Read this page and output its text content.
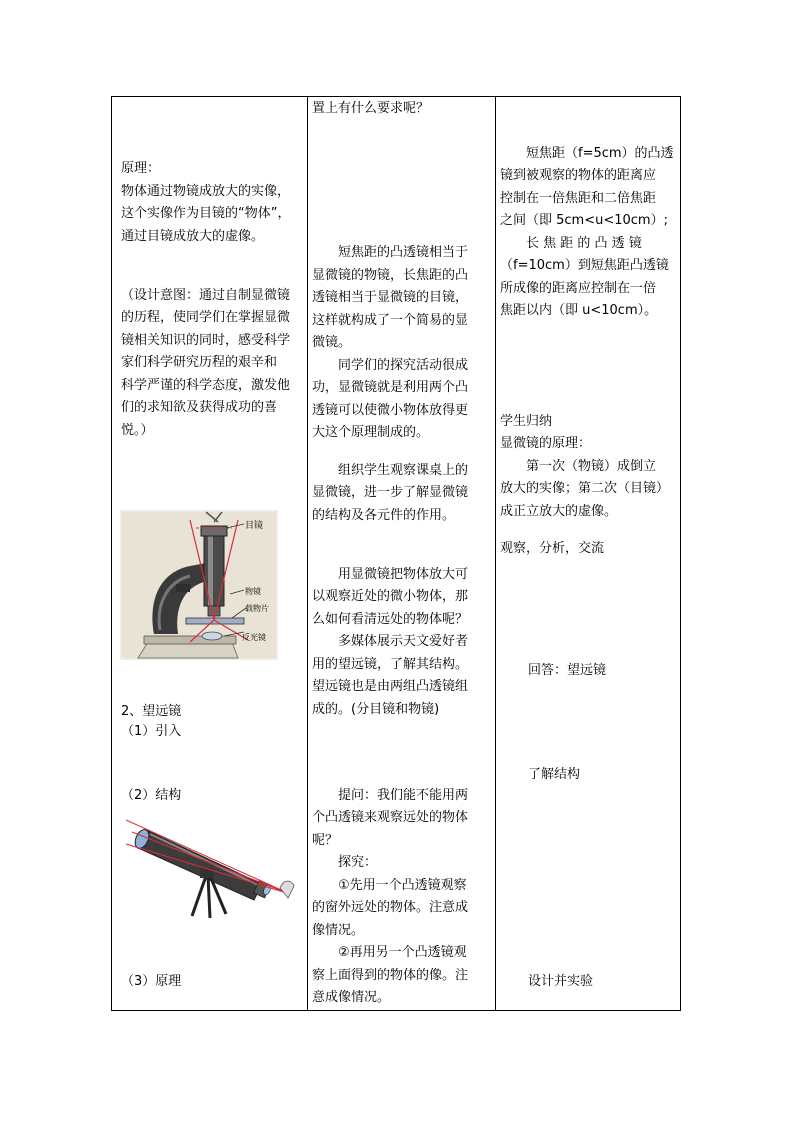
原理：
物体通过物镜成放大的实像，
这个实像作为目镜的“物体”，
通过目镜成放大的虚像。
（设计意图：通过自制显微镜
的历程，使同学们在掌握显微
镜相关知识的同时，感受科学
家们科学研究历程的艰辛和
科学严谨的科学态度，激发他
们的求知欲及获得成功的喜
悦。）
目镜
物镜
载物片
反光镜
2、望远镜
（1）引入
（2）结构
（3）原理
置上有什么要求呢？
短焦距的凸透镜相当于
显微镜的物镜，长焦距的凸
透镜相当于显微镜的目镜，
这样就构成了一个简易的显
微镜。
同学们的探究活动很成
功，显微镜就是利用两个凸
透镜可以使微小物体放得更
大这个原理制成的。
组织学生观察课桌上的
显微镜，进一步了解显微镜
的结构及各元件的作用。
用显微镜把物体放大可
以观察近处的微小物体，那
么如何看清远处的物体呢？
多媒体展示天文爱好者
用的望远镜，了解其结构。
望远镜也是由两组凸透镜组
成的。(分目镜和物镜)
提问：我们能不能用两
个凸透镜来观察远处的物体
呢？
探究：
①先用一个凸透镜观察
的窗外远处的物体。注意成
像情况。
②再用另一个凸透镜观
察上面得到的物体的像。注
意成像情况。
短焦距（f=5cm）的凸透
镜到被观察的物体的距离应
控制在一倍焦距和二倍焦距
之间（即 5cm<u<10cm）;
长 焦 距 的 凸 透 镜
（f=10cm）到短焦距凸透镜
所成像的距离应控制在一倍
焦距以内（即 u<10cm）。
学生归纳
显微镜的原理：
第一次（物镜）成倒立
放大的实像；第二次（目镜）
成正立放大的虚像。
观察，分析，交流
回答：望远镜
了解结构
设计并实验
